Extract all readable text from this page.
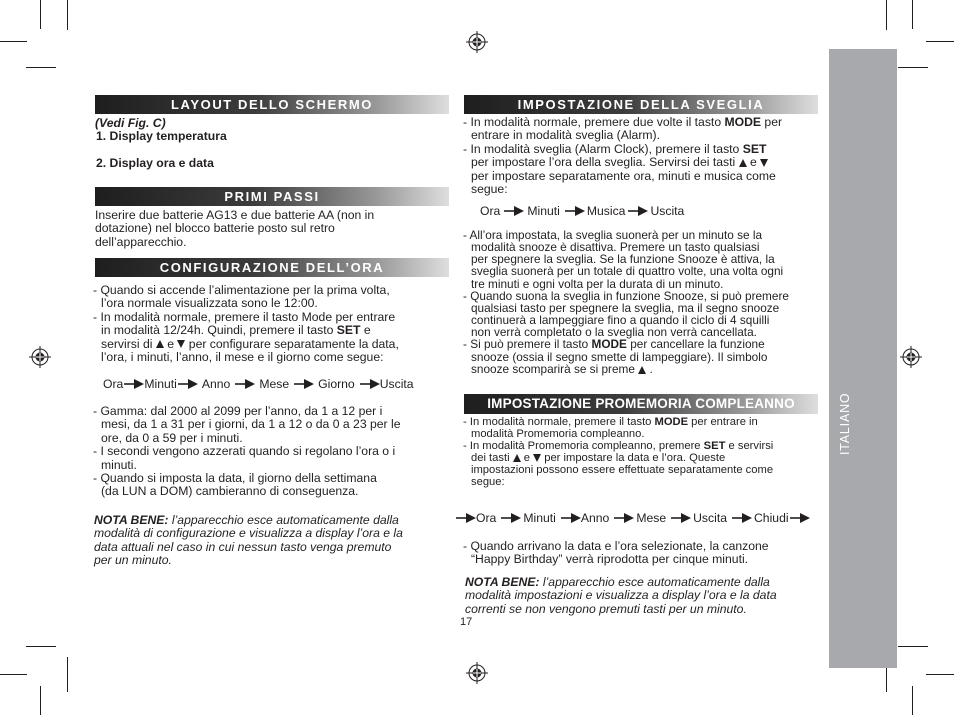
ITALIANO
LAYOUT DELLO SCHERMO

(Vedi Fig. C)

1. Display temperatura

2. Display ora e data

PRIMI PASSI
Inserire due batterie AG13 e due batterie AA (non in dotazione) nel blocco batterie posto sul retro dell’apparecchio.
CONFIGURAZIONE DELL’ORA

- Quando si accende l’alimentazione per la prima volta,

l’ora normale visualizzata sono le 12:00.

- In modalità normale, premere il tasto Mode per entrare

in modalità 12/24h. Quindi, premere il tasto SET e

servirsi di  e  per configurare separatamente la data,

l’ora, i minuti, l’anno, il mese e il giorno come segue:

Ora Minuti Anno Mese Giorno Uscita

- Gamma: dal 2000 al 2099 per l’anno, da 1 a 12 per i

mesi, da 1 a 31 per i giorni, da 1 a 12 o da 0 a 23 per le

ore, da 0 a 59 per i minuti.

- I secondi vengono azzerati quando si regolano l’ora o i

minuti.

- Quando si imposta la data, il giorno della settimana

(da LUN a DOM) cambieranno di conseguenza.

NOTA BENE: l’apparecchio esce automaticamente dalla

modalità di configurazione e visualizza a display l’ora e la

data attuali nel caso in cui nessun tasto venga premuto

per un minuto.

IMPOSTAZIONE DELLA SVEGLIA

- In modalità normale, premere due volte il tasto MODE per

entrare in modalità sveglia (Alarm).

- In modalità sveglia (Alarm Clock), premere il tasto SET

per impostare l’ora della sveglia. Servirsi dei tasti  e

per impostare separatamente ora, minuti e musica come

segue:

Ora Minuti Musica Uscita

- All’ora impostata, la sveglia suonerà per un minuto se la

modalità snooze è disattiva. Premere un tasto qualsiasi

per spegnere la sveglia. Se la funzione Snooze è attiva, la

sveglia suonerà per un totale di quattro volte, una volta ogni

tre minuti e ogni volta per la durata di un minuto.

- Quando suona la sveglia in funzione Snooze, si può premere

qualsiasi tasto per spegnere la sveglia, ma il segno snooze

continuerà a lampeggiare fino a quando il ciclo di 4 squilli

non verrà completato o la sveglia non verrà cancellata.

- Si può premere il tasto MODE per cancellare la funzione

snooze (ossia il segno smette di lampeggiare). Il simbolo

snooze scomparirà se si preme  .

IMPOSTAZIONE PROMEMORIA COMPLEANNO

- In modalità normale, premere il tasto MODE per entrare in

modalità Promemoria compleanno.

- In modalità Promemoria compleanno, premere SET e servirsi

dei tasti  e  per impostare la data e l’ora. Queste

impostazioni possono essere effettuate separatamente come

segue:

Ora Minuti Anno Mese Uscita Chiudi

- Quando arrivano la data e l’ora selezionate, la canzone

“Happy Birthday” verrà riprodotta per cinque minuti.

NOTA BENE: l’apparecchio esce automaticamente dalla

modalità impostazioni e visualizza a display l’ora e la data

correnti se non vengono premuti tasti per un minuto.

17
